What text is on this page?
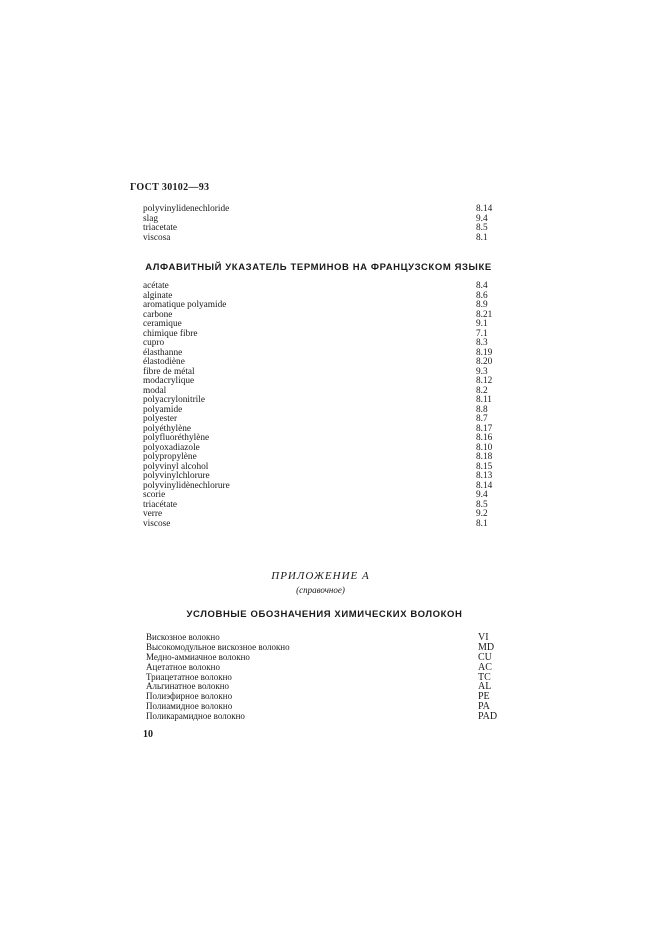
ГОСТ 30102—93
polyvinylidenechloride	8.14
slag	9.4
triacetate	8.5
viscosa	8.1
АЛФАВИТНЫЙ УКАЗАТЕЛЬ ТЕРМИНОВ НА ФРАНЦУЗСКОМ ЯЗЫКЕ
acétate	8.4
alginate	8.6
aromatique polyamide	8.9
carbone	8.21
ceramique	9.1
chimique fibre	7.1
cupro	8.3
élasthanne	8.19
élastodiène	8.20
fibre de métal	9.3
modacrylique	8.12
modal	8.2
polyacrylonitrile	8.11
polyamide	8.8
polyester	8.7
polyéthylène	8.17
polyfluoréthylène	8.16
polyoxadiazole	8.10
polypropylène	8.18
polyvinyl alcohol	8.15
polyvinylchlorure	8.13
polyvinylidènechlorure	8.14
scorie	9.4
triacétate	8.5
verre	9.2
viscose	8.1
ПРИЛОЖЕНИЕ А
(справочное)
УСЛОВНЫЕ ОБОЗНАЧЕНИЯ ХИМИЧЕСКИХ ВОЛОКОН
Вискозное волокно	VI
Высокомодульное вискозное волокно	MD
Медно-аммиачное волокно	CU
Ацетатное волокно	AC
Триацетатное волокно	TC
Альгинатное волокно	AL
Полиэфирное волокно	PE
Полиамидное волокно	PA
Поликарамидное волокно	PAD
10
